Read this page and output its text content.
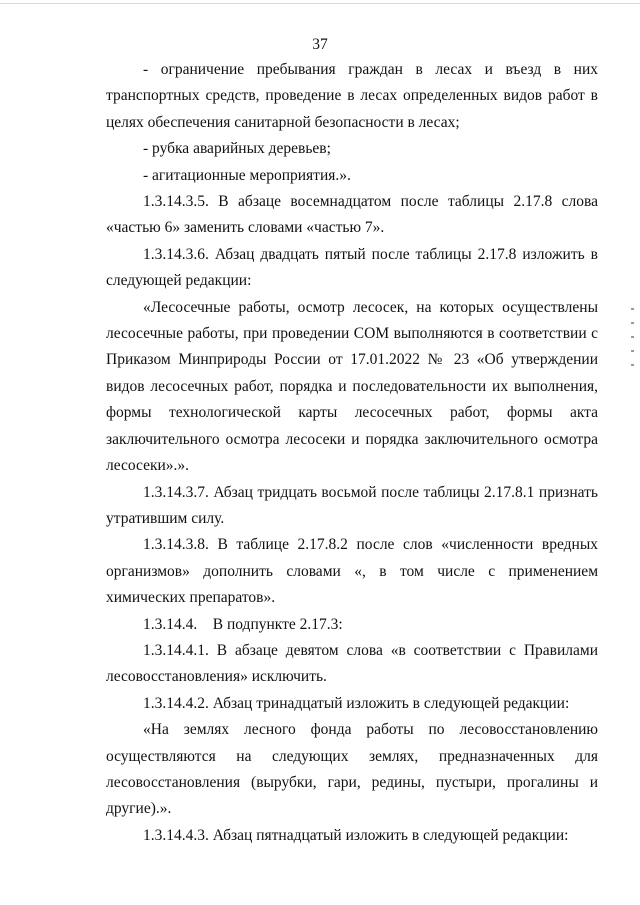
37

- ограничение пребывания граждан в лесах и въезд в них транспортных средств, проведение в лесах определенных видов работ в целях обеспечения санитарной безопасности в лесах;

- рубка аварийных деревьев;

- агитационные мероприятия.».

1.3.14.3.5. В абзаце восемнадцатом после таблицы 2.17.8 слова «частью 6» заменить словами «частью 7».

1.3.14.3.6. Абзац двадцать пятый после таблицы 2.17.8 изложить в следующей редакции:

«Лесосечные работы, осмотр лесосек, на которых осуществлены лесосечные работы, при проведении СОМ выполняются в соответствии с Приказом Минприроды России от 17.01.2022 № 23 «Об утверждении видов лесосечных работ, порядка и последовательности их выполнения, формы технологической карты лесосечных работ, формы акта заключительного осмотра лесосеки и порядка заключительного осмотра лесосеки».».

1.3.14.3.7. Абзац тридцать восьмой после таблицы 2.17.8.1 признать утратившим силу.

1.3.14.3.8. В таблице 2.17.8.2 после слов «численности вредных организмов» дополнить словами «, в том числе с применением химических препаратов».

1.3.14.4.    В подпункте 2.17.3:

1.3.14.4.1. В абзаце девятом слова «в соответствии с Правилами лесовосстановления» исключить.

1.3.14.4.2. Абзац тринадцатый изложить в следующей редакции:

«На землях лесного фонда работы по лесовосстановлению осуществляются на следующих землях, предназначенных для лесовосстановления (вырубки, гари, редины, пустыри, прогалины и другие).».

1.3.14.4.3. Абзац пятнадцатый изложить в следующей редакции:
